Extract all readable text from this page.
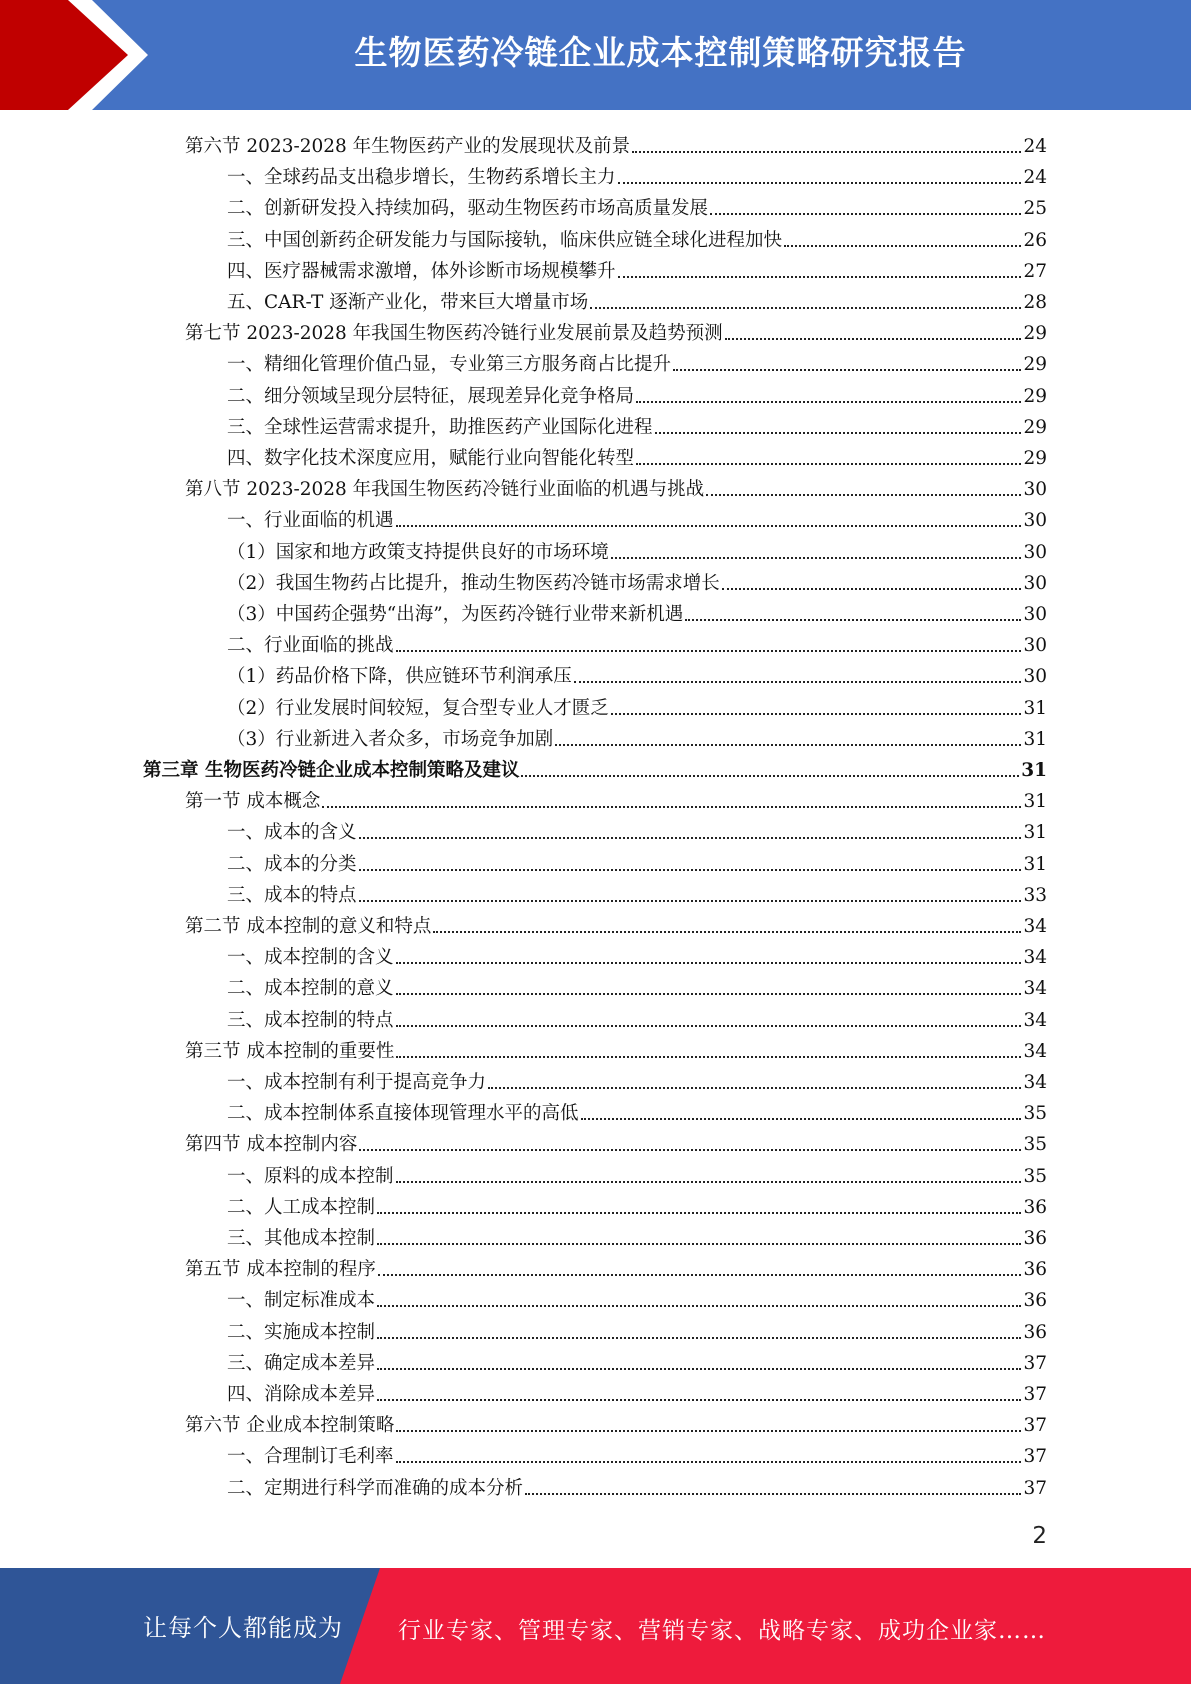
生物医药冷链企业成本控制策略研究报告
第六节 2023-2028 年生物医药产业的发展现状及前景	24
一、全球药品支出稳步增长，生物药系增长主力	24
二、创新研发投入持续加码，驱动生物医药市场高质量发展	25
三、中国创新药企研发能力与国际接轨，临床供应链全球化进程加快	26
四、医疗器械需求激增，体外诊断市场规模攀升	27
五、CAR-T 逐渐产业化，带来巨大增量市场	28
第七节 2023-2028 年我国生物医药冷链行业发展前景及趋势预测	29
一、精细化管理价值凸显，专业第三方服务商占比提升	29
二、细分领域呈现分层特征，展现差异化竞争格局	29
三、全球性运营需求提升，助推医药产业国际化进程	29
四、数字化技术深度应用，赋能行业向智能化转型	29
第八节 2023-2028 年我国生物医药冷链行业面临的机遇与挑战	30
一、行业面临的机遇	30
（1）国家和地方政策支持提供良好的市场环境	30
（2）我国生物药占比提升，推动生物医药冷链市场需求增长	30
（3）中国药企强势“出海”，为医药冷链行业带来新机遇	30
二、行业面临的挑战	30
（1）药品价格下降，供应链环节利润承压	30
（2）行业发展时间较短，复合型专业人才匮乏	31
（3）行业新进入者众多，市场竞争加剧	31
第三章 生物医药冷链企业成本控制策略及建议	31
第一节 成本概念	31
一、成本的含义	31
二、成本的分类	31
三、成本的特点	33
第二节 成本控制的意义和特点	34
一、成本控制的含义	34
二、成本控制的意义	34
三、成本控制的特点	34
第三节 成本控制的重要性	34
一、成本控制有利于提高竞争力	34
二、成本控制体系直接体现管理水平的高低	35
第四节 成本控制内容	35
一、原料的成本控制	35
二、人工成本控制	36
三、其他成本控制	36
第五节 成本控制的程序	36
一、制定标准成本	36
二、实施成本控制	36
三、确定成本差异	37
四、消除成本差异	37
第六节 企业成本控制策略	37
一、合理制订毛利率	37
二、定期进行科学而准确的成本分析	37
2
让每个人都能成为 行业专家、管理专家、营销专家、战略专家、成功企业家……
